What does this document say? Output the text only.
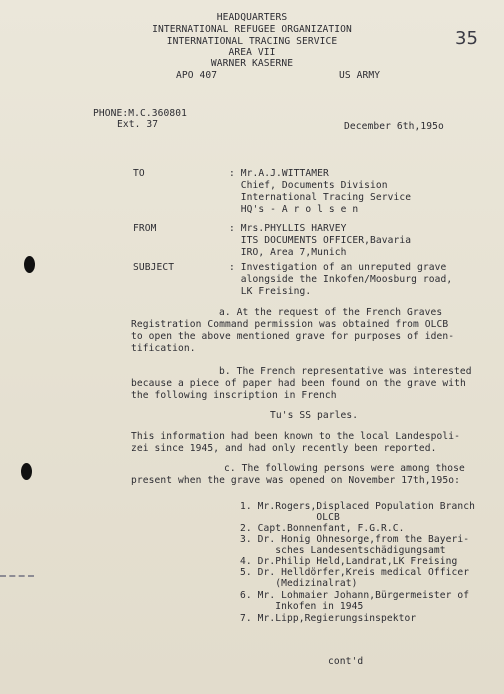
HEADQUARTERS
INTERNATIONAL REFUGEE ORGANIZATION
INTERNATIONAL TRACING SERVICE
AREA VII
WARNER KASERNE
APO 407	US ARMY
35
PHONE:M.C.360801
Ext. 37	December 6th,195o
TO	: Mr.A.J.WITTAMER
Chief, Documents Division
International Tracing Service
HQ's - A r o l s e n
FROM	: Mrs.PHYLLIS HARVEY
ITS DOCUMENTS OFFICER,Bavaria
IRO, Area 7,Munich
SUBJECT	: Investigation of an unreputed grave
alongside the Inkofen/Moosburg road,
LK Freising.
a. At the request of the French Graves
Registration Command permission was obtained from OLCB
to open the above mentioned grave for purposes of iden-
tification.
b. The French representative was interested
because a piece of paper had been found on the grave with
the following inscription in French
Tu's SS parles.
This information had been known to the local Landespoli-
zei since 1945, and had only recently been reported.
c. The following persons were among those
present when the grave was opened on November 17th,195o:
1. Mr.Rogers,Displaced Population Branch
OLCB
2. Capt.Bonnenfant, F.G.R.C.
3. Dr. Honig Ohnesorge,from the Bayeri-
sches Landesentschädigungsamt
4. Dr.Philip Held,Landrat,LK Freising
5. Dr. Helldörfer,Kreis medical Officer
(Medizinalrat)
6. Mr. Lohmaier Johann,Bürgermeister of
Inkofen in 1945
7. Mr.Lipp,Regierungsinspektor
cont'd
